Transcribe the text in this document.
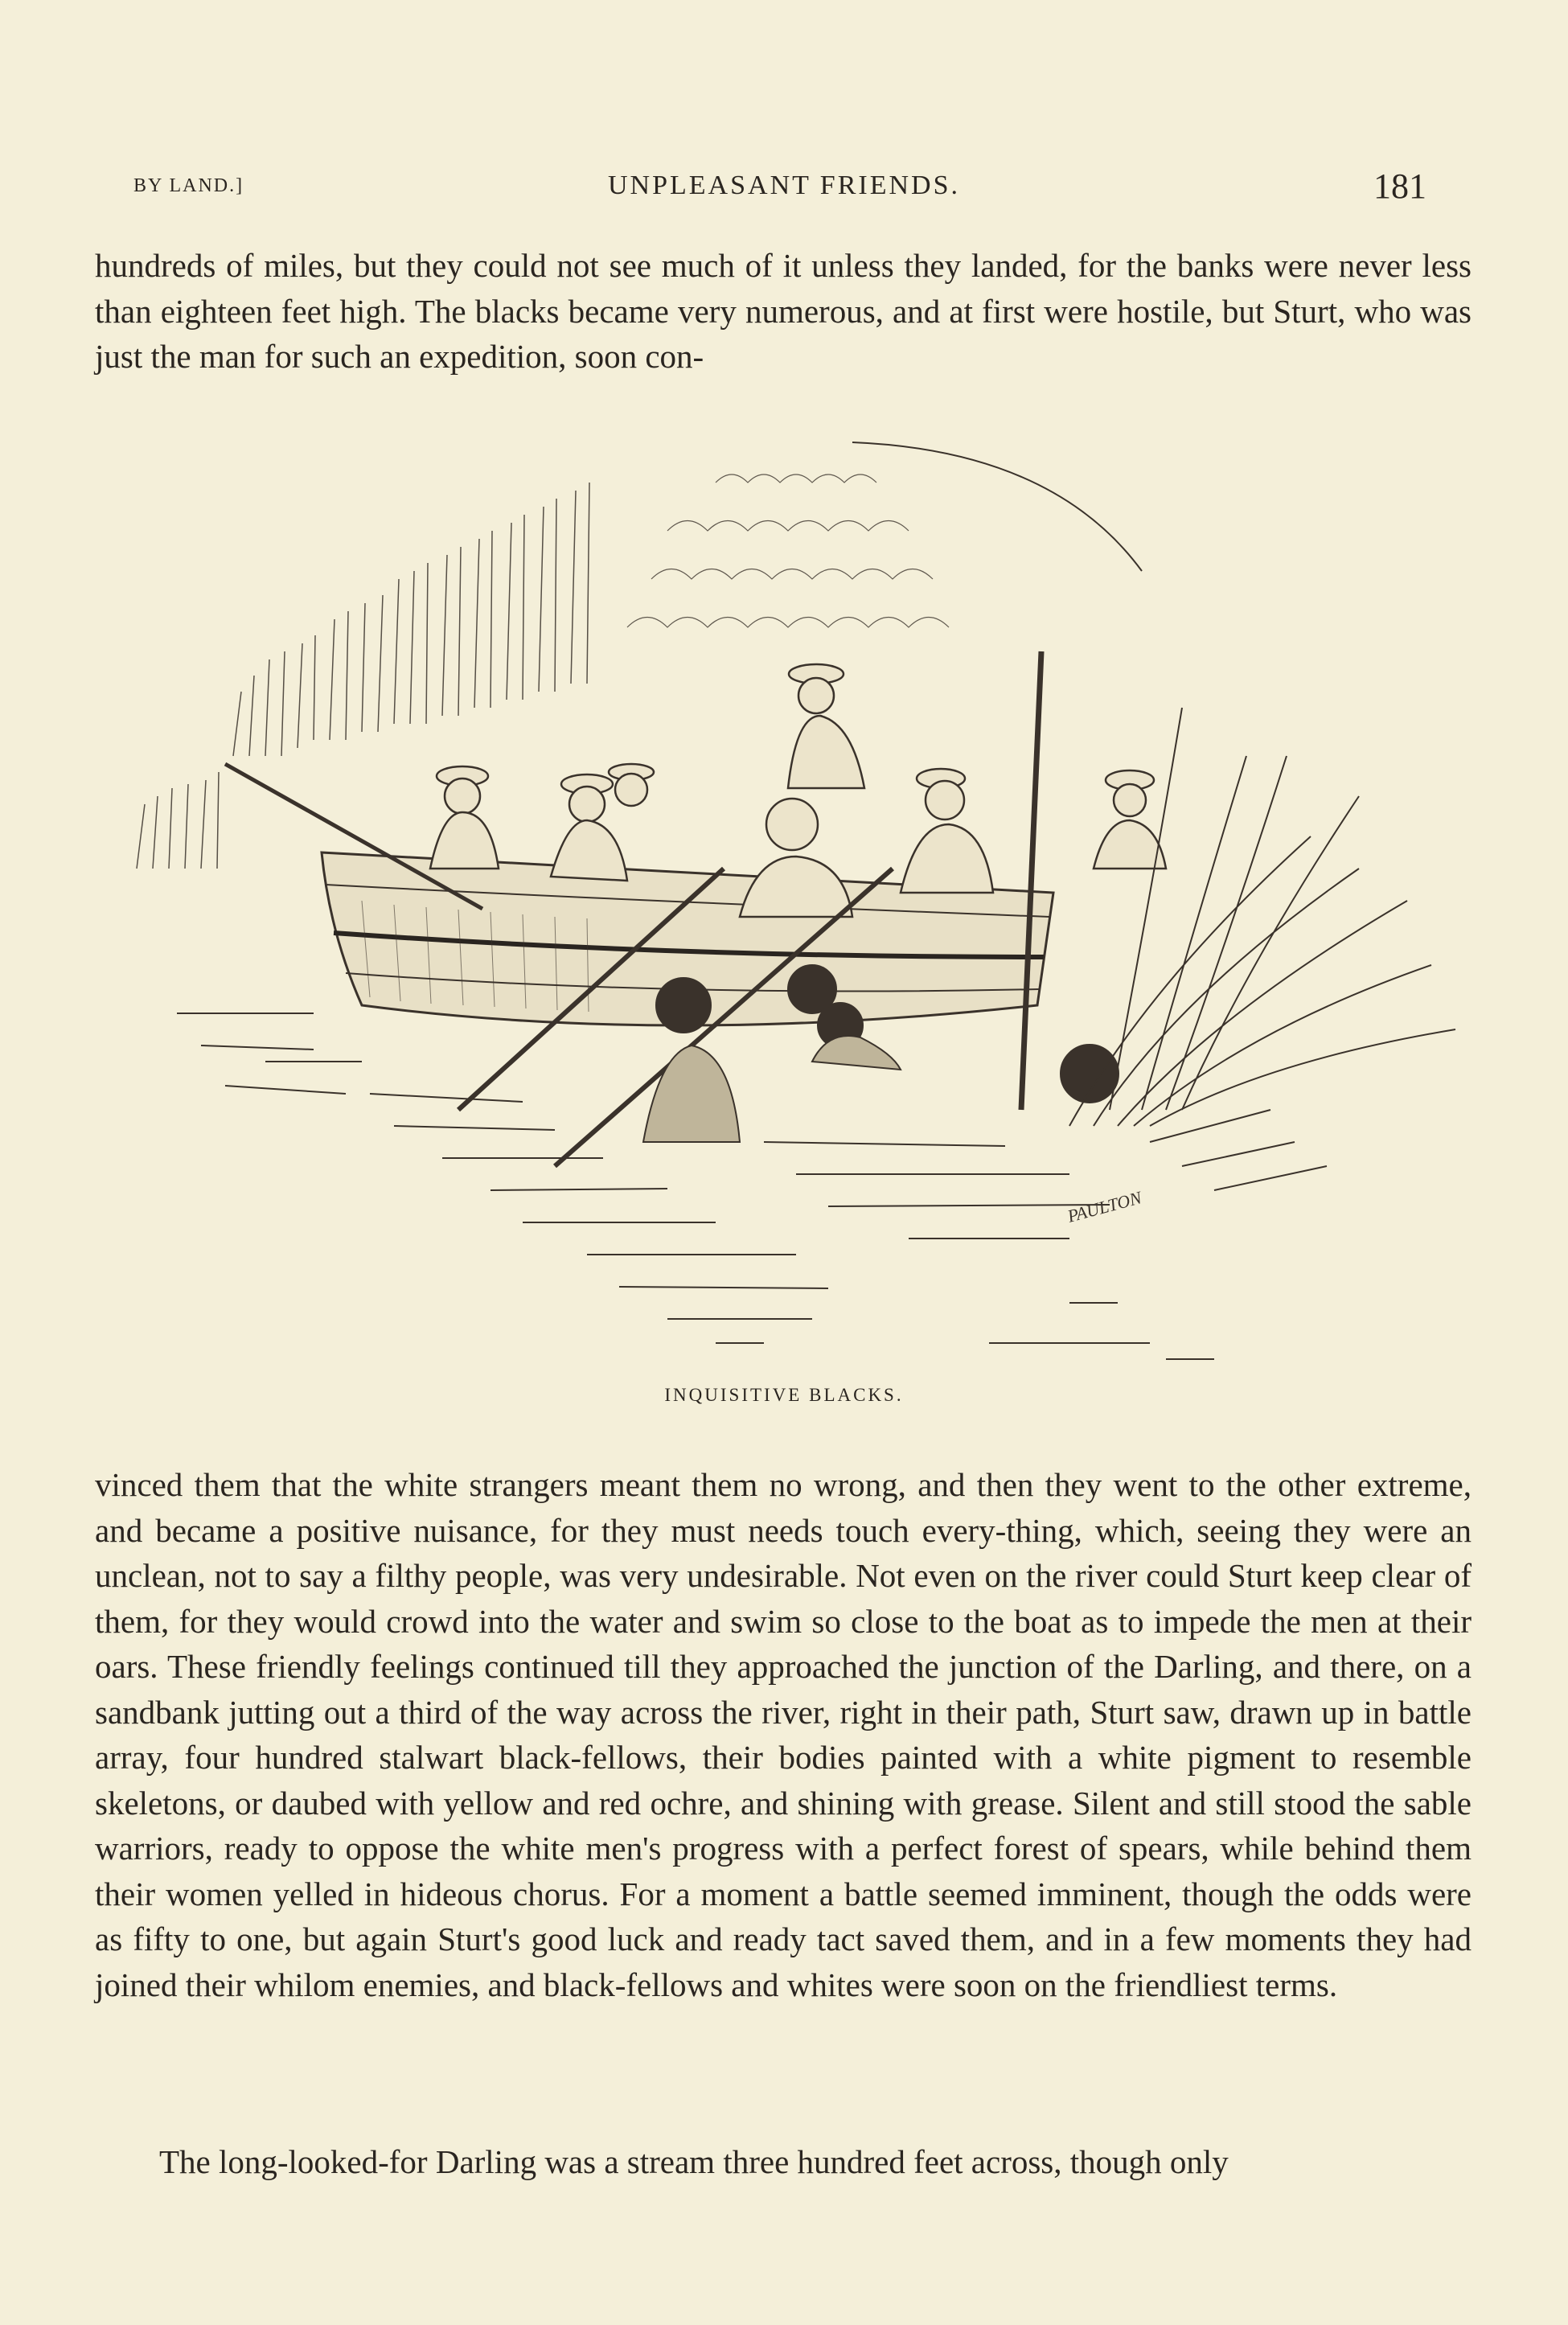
BY LAND.]	UNPLEASANT FRIENDS.	181

hundreds of miles, but they could not see much of it unless they landed, for the banks were never less than eighteen feet high. The blacks became very numerous, and at first were hostile, but Sturt, who was just the man for such an expedition, soon con-

PAULTON
INQUISITIVE BLACKS.

vinced them that the white strangers meant them no wrong, and then they went to the other extreme, and became a positive nuisance, for they must needs touch every-thing, which, seeing they were an unclean, not to say a filthy people, was very undesirable. Not even on the river could Sturt keep clear of them, for they would crowd into the water and swim so close to the boat as to impede the men at their oars. These friendly feelings continued till they approached the junction of the Darling, and there, on a sandbank jutting out a third of the way across the river, right in their path, Sturt saw, drawn up in battle array, four hundred stalwart black-fellows, their bodies painted with a white pigment to resemble skeletons, or daubed with yellow and red ochre, and shining with grease. Silent and still stood the sable warriors, ready to oppose the white men's progress with a perfect forest of spears, while behind them their women yelled in hideous chorus. For a moment a battle seemed imminent, though the odds were as fifty to one, but again Sturt's good luck and ready tact saved them, and in a few moments they had joined their whilom enemies, and black-fellows and whites were soon on the friendliest terms.

The long-looked-for Darling was a stream three hundred feet across, though only
